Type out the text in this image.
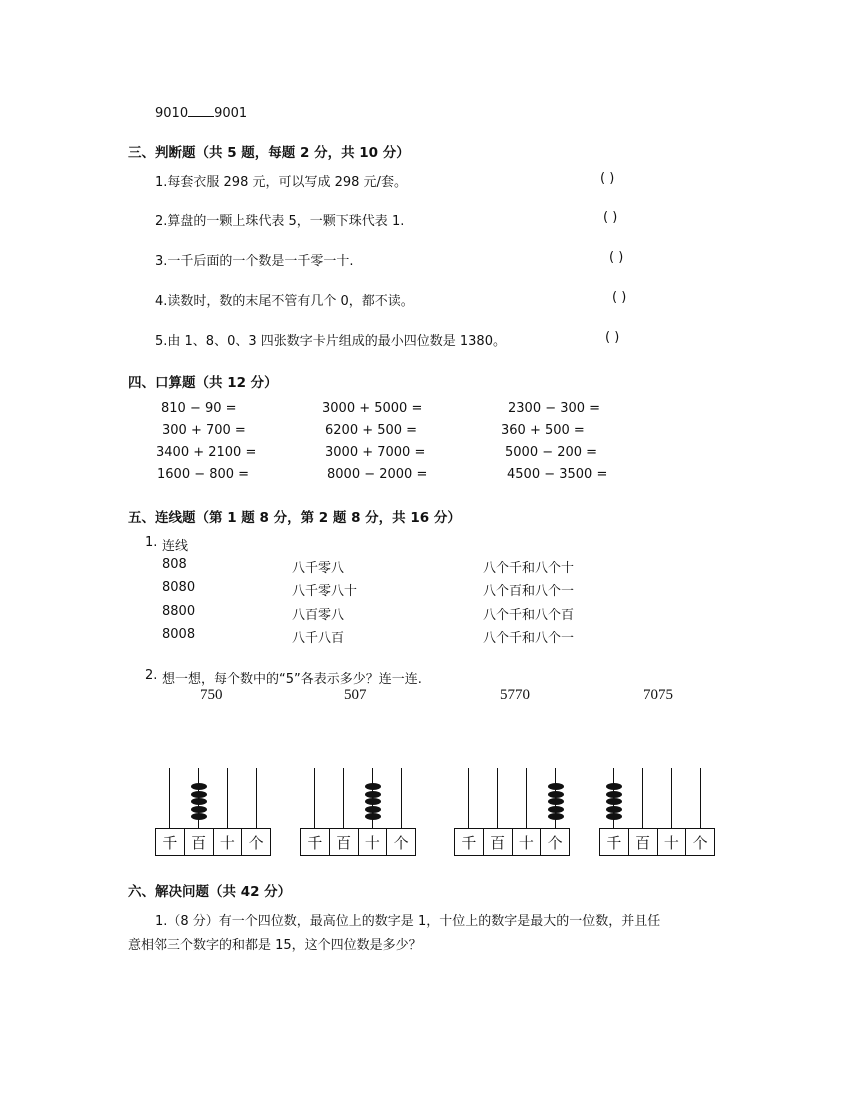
9010 9001
三、判断题（共 5 题，每题 2 分，共 10 分）
1.每套衣服 298 元，可以写成 298 元/套。	( )
2.算盘的一颗上珠代表 5，一颗下珠代表 1.	( )
3.一千后面的一个数是一千零一十.	( )
4.读数时，数的末尾不管有几个 0，都不读。	( )
5.由 1、8、0、3 四张数字卡片组成的最小四位数是 1380。	( )
四、口算题（共 12 分）
810 − 90 =	3000 + 5000 =	2300 − 300 =
300 + 700 =	6200 + 500 =	360 + 500 =
3400 + 2100 =	3000 + 7000 =	5000 − 200 =
1600 − 800 =	8000 − 2000 =	4500 − 3500 =
五、连线题（第 1 题 8 分，第 2 题 8 分，共 16 分）
1. 连线
808	八千零八	八个千和八个十
8080	八千零八十	八个百和八个一
8800	八百零八	八个千和八个百
8008	八千八百	八个千和八个一
2. 想一想，每个数中的“5”各表示多少？连一连.
750	507	5770	7075
千 百 十 个	千 百 十 个	千 百 十 个	千 百 十 个
六、解决问题（共 42 分）
1.（8 分）有一个四位数，最高位上的数字是 1，十位上的数字是最大的一位数，并且任
意相邻三个数字的和都是 15，这个四位数是多少？
